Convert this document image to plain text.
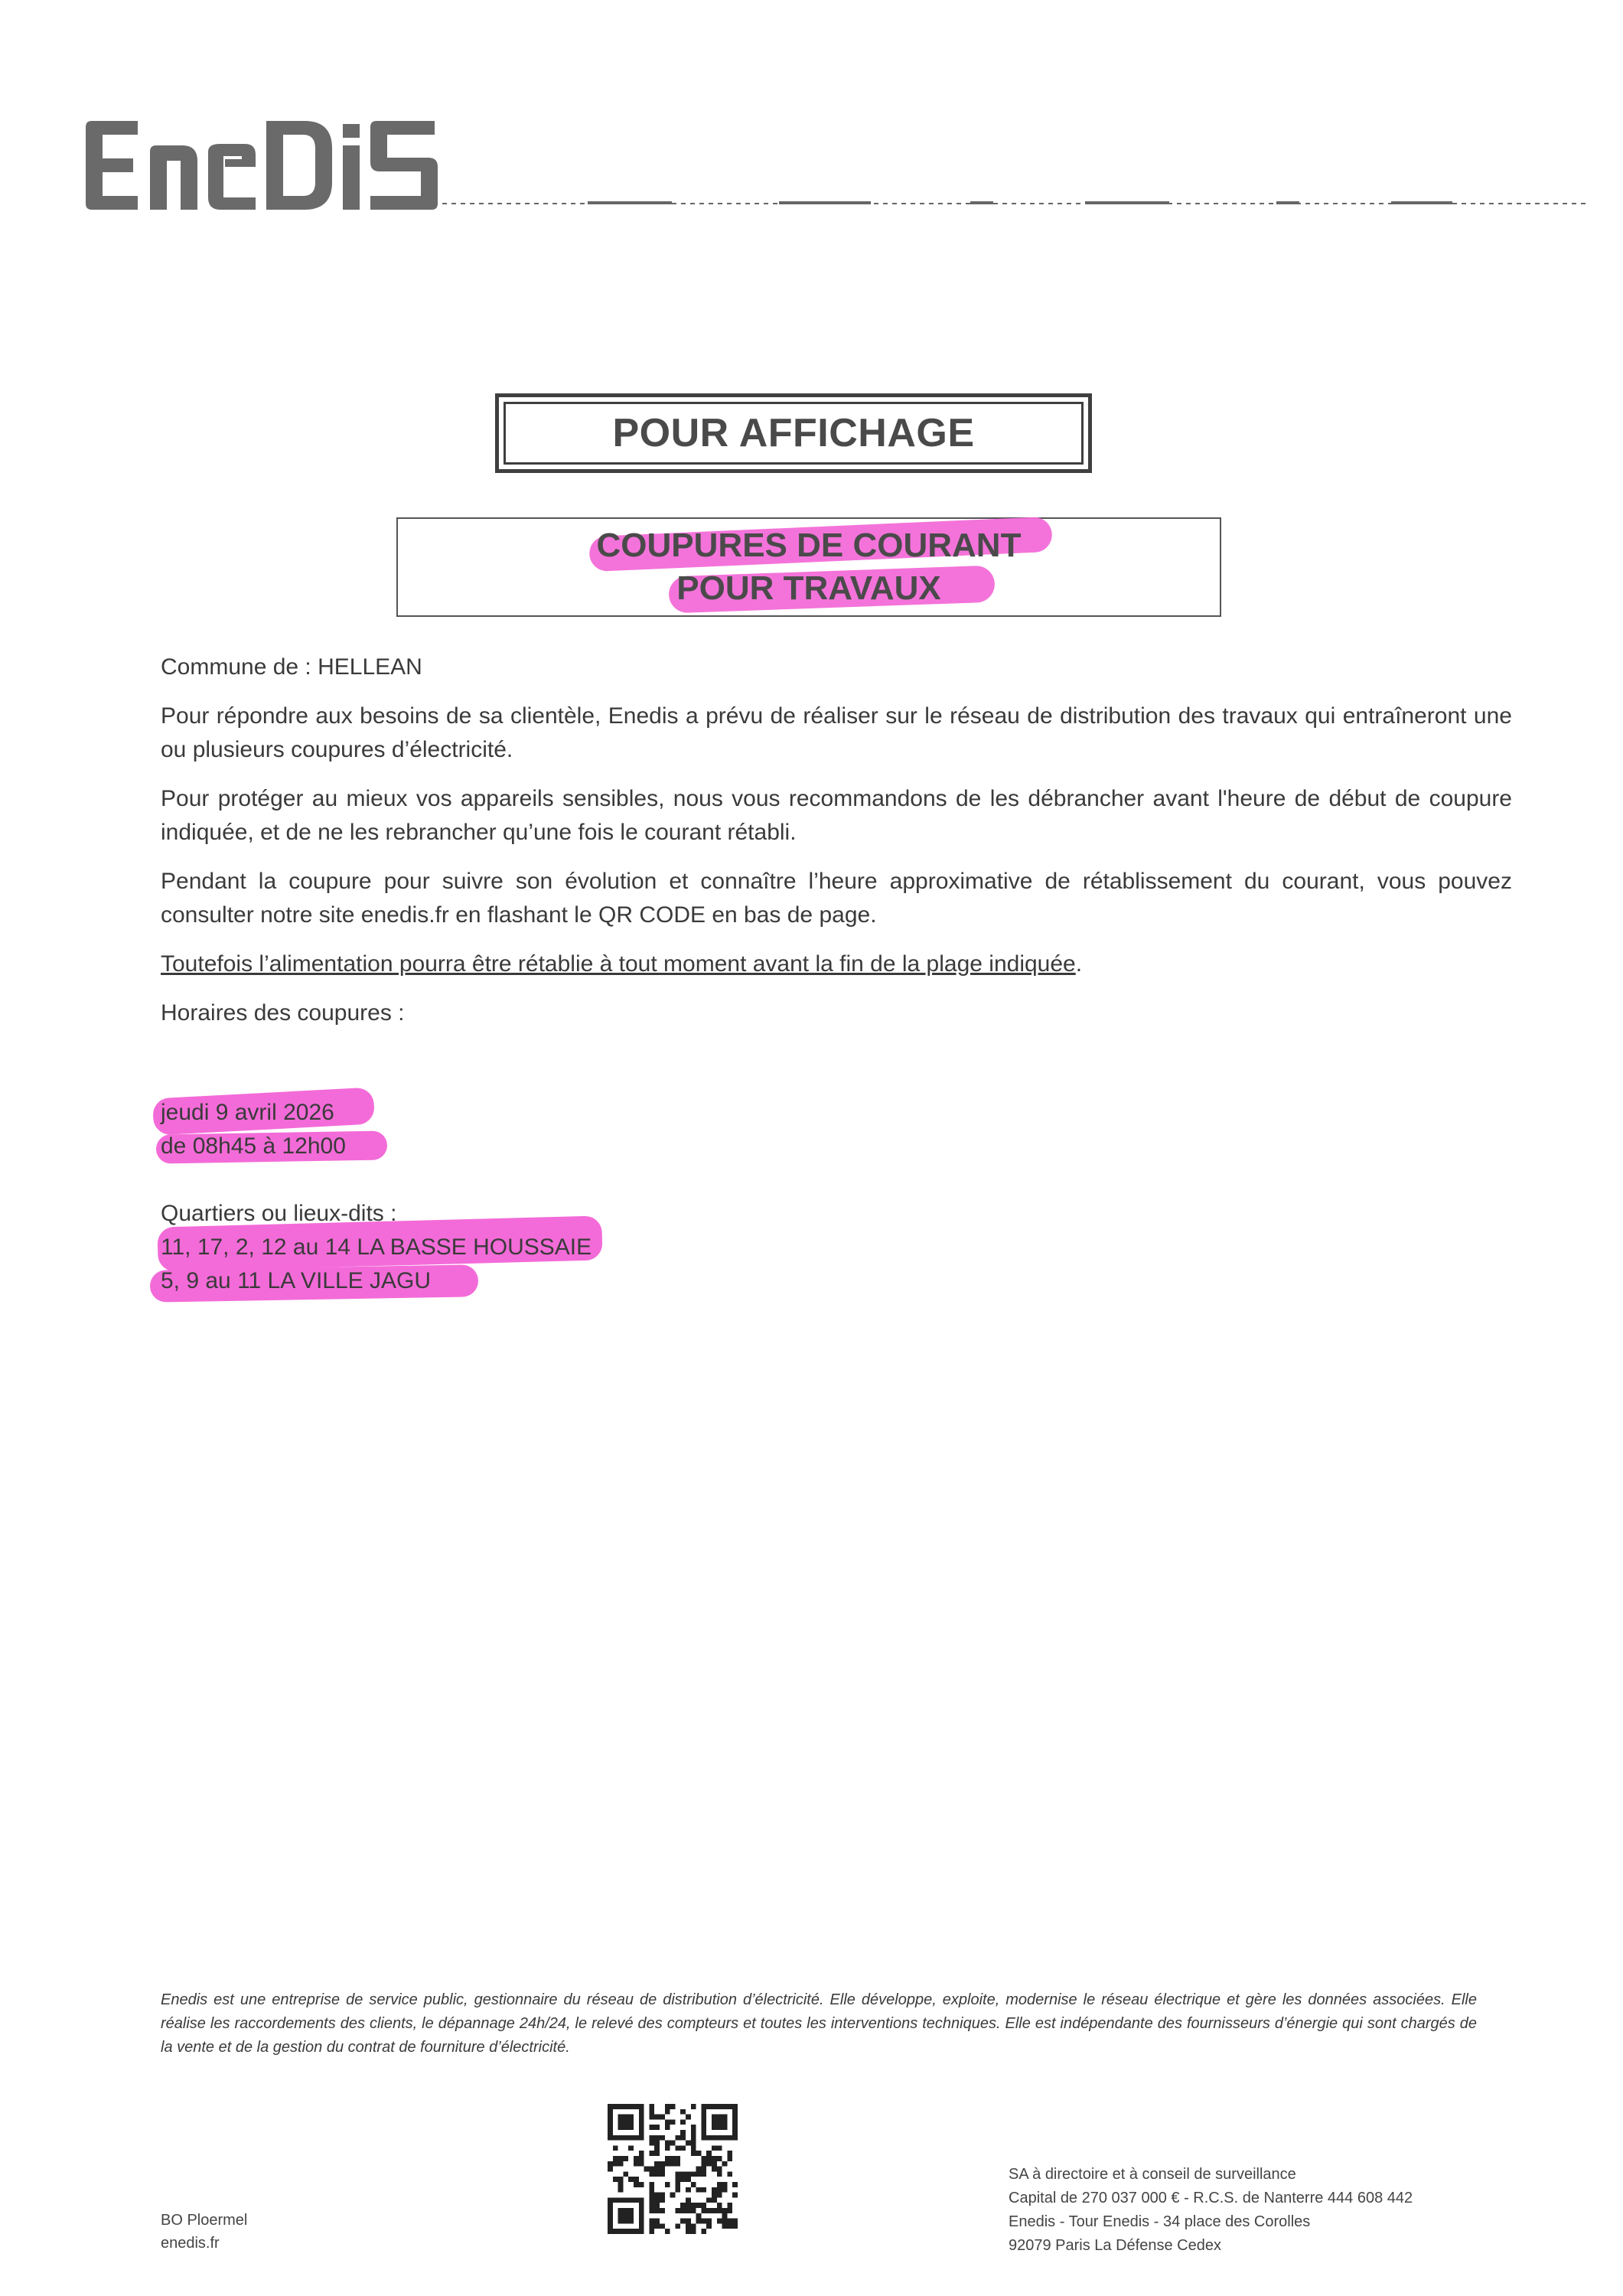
POUR AFFICHAGE
COUPURES DE COURANT
POUR TRAVAUX
Commune de : HELLEAN
Pour répondre aux besoins de sa clientèle, Enedis a prévu de réaliser sur le réseau de distribution des travaux qui entraîneront une ou plusieurs coupures d’électricité.
Pour protéger au mieux vos appareils sensibles, nous vous recommandons de les débrancher avant l'heure de début de coupure indiquée, et de ne les rebrancher qu’une fois le courant rétabli.
Pendant la coupure pour suivre son évolution et connaître l’heure approximative de rétablissement du courant, vous pouvez consulter notre site enedis.fr en flashant le QR CODE en bas de page.
Toutefois l’alimentation pourra être rétablie à tout moment avant la fin de la plage indiquée.
Horaires des coupures :
jeudi 9 avril 2026
de 08h45 à 12h00
Quartiers ou lieux-dits :
11, 17, 2, 12 au 14 LA BASSE HOUSSAIE
5, 9 au 11 LA VILLE JAGU
Enedis est une entreprise de service public, gestionnaire du réseau de distribution d’électricité. Elle développe, exploite, modernise le réseau électrique et gère les données associées. Elle réalise les raccordements des clients, le dépannage 24h/24, le relevé des compteurs et toutes les interventions techniques. Elle est indépendante des fournisseurs d’énergie qui sont chargés de la vente et de la gestion du contrat de fourniture d’électricité.
BO Ploermel
enedis.fr
SA à directoire et à conseil de surveillance
Capital de 270 037 000 € - R.C.S. de Nanterre 444 608 442
Enedis - Tour Enedis - 34 place des Corolles
92079 Paris La Défense Cedex
